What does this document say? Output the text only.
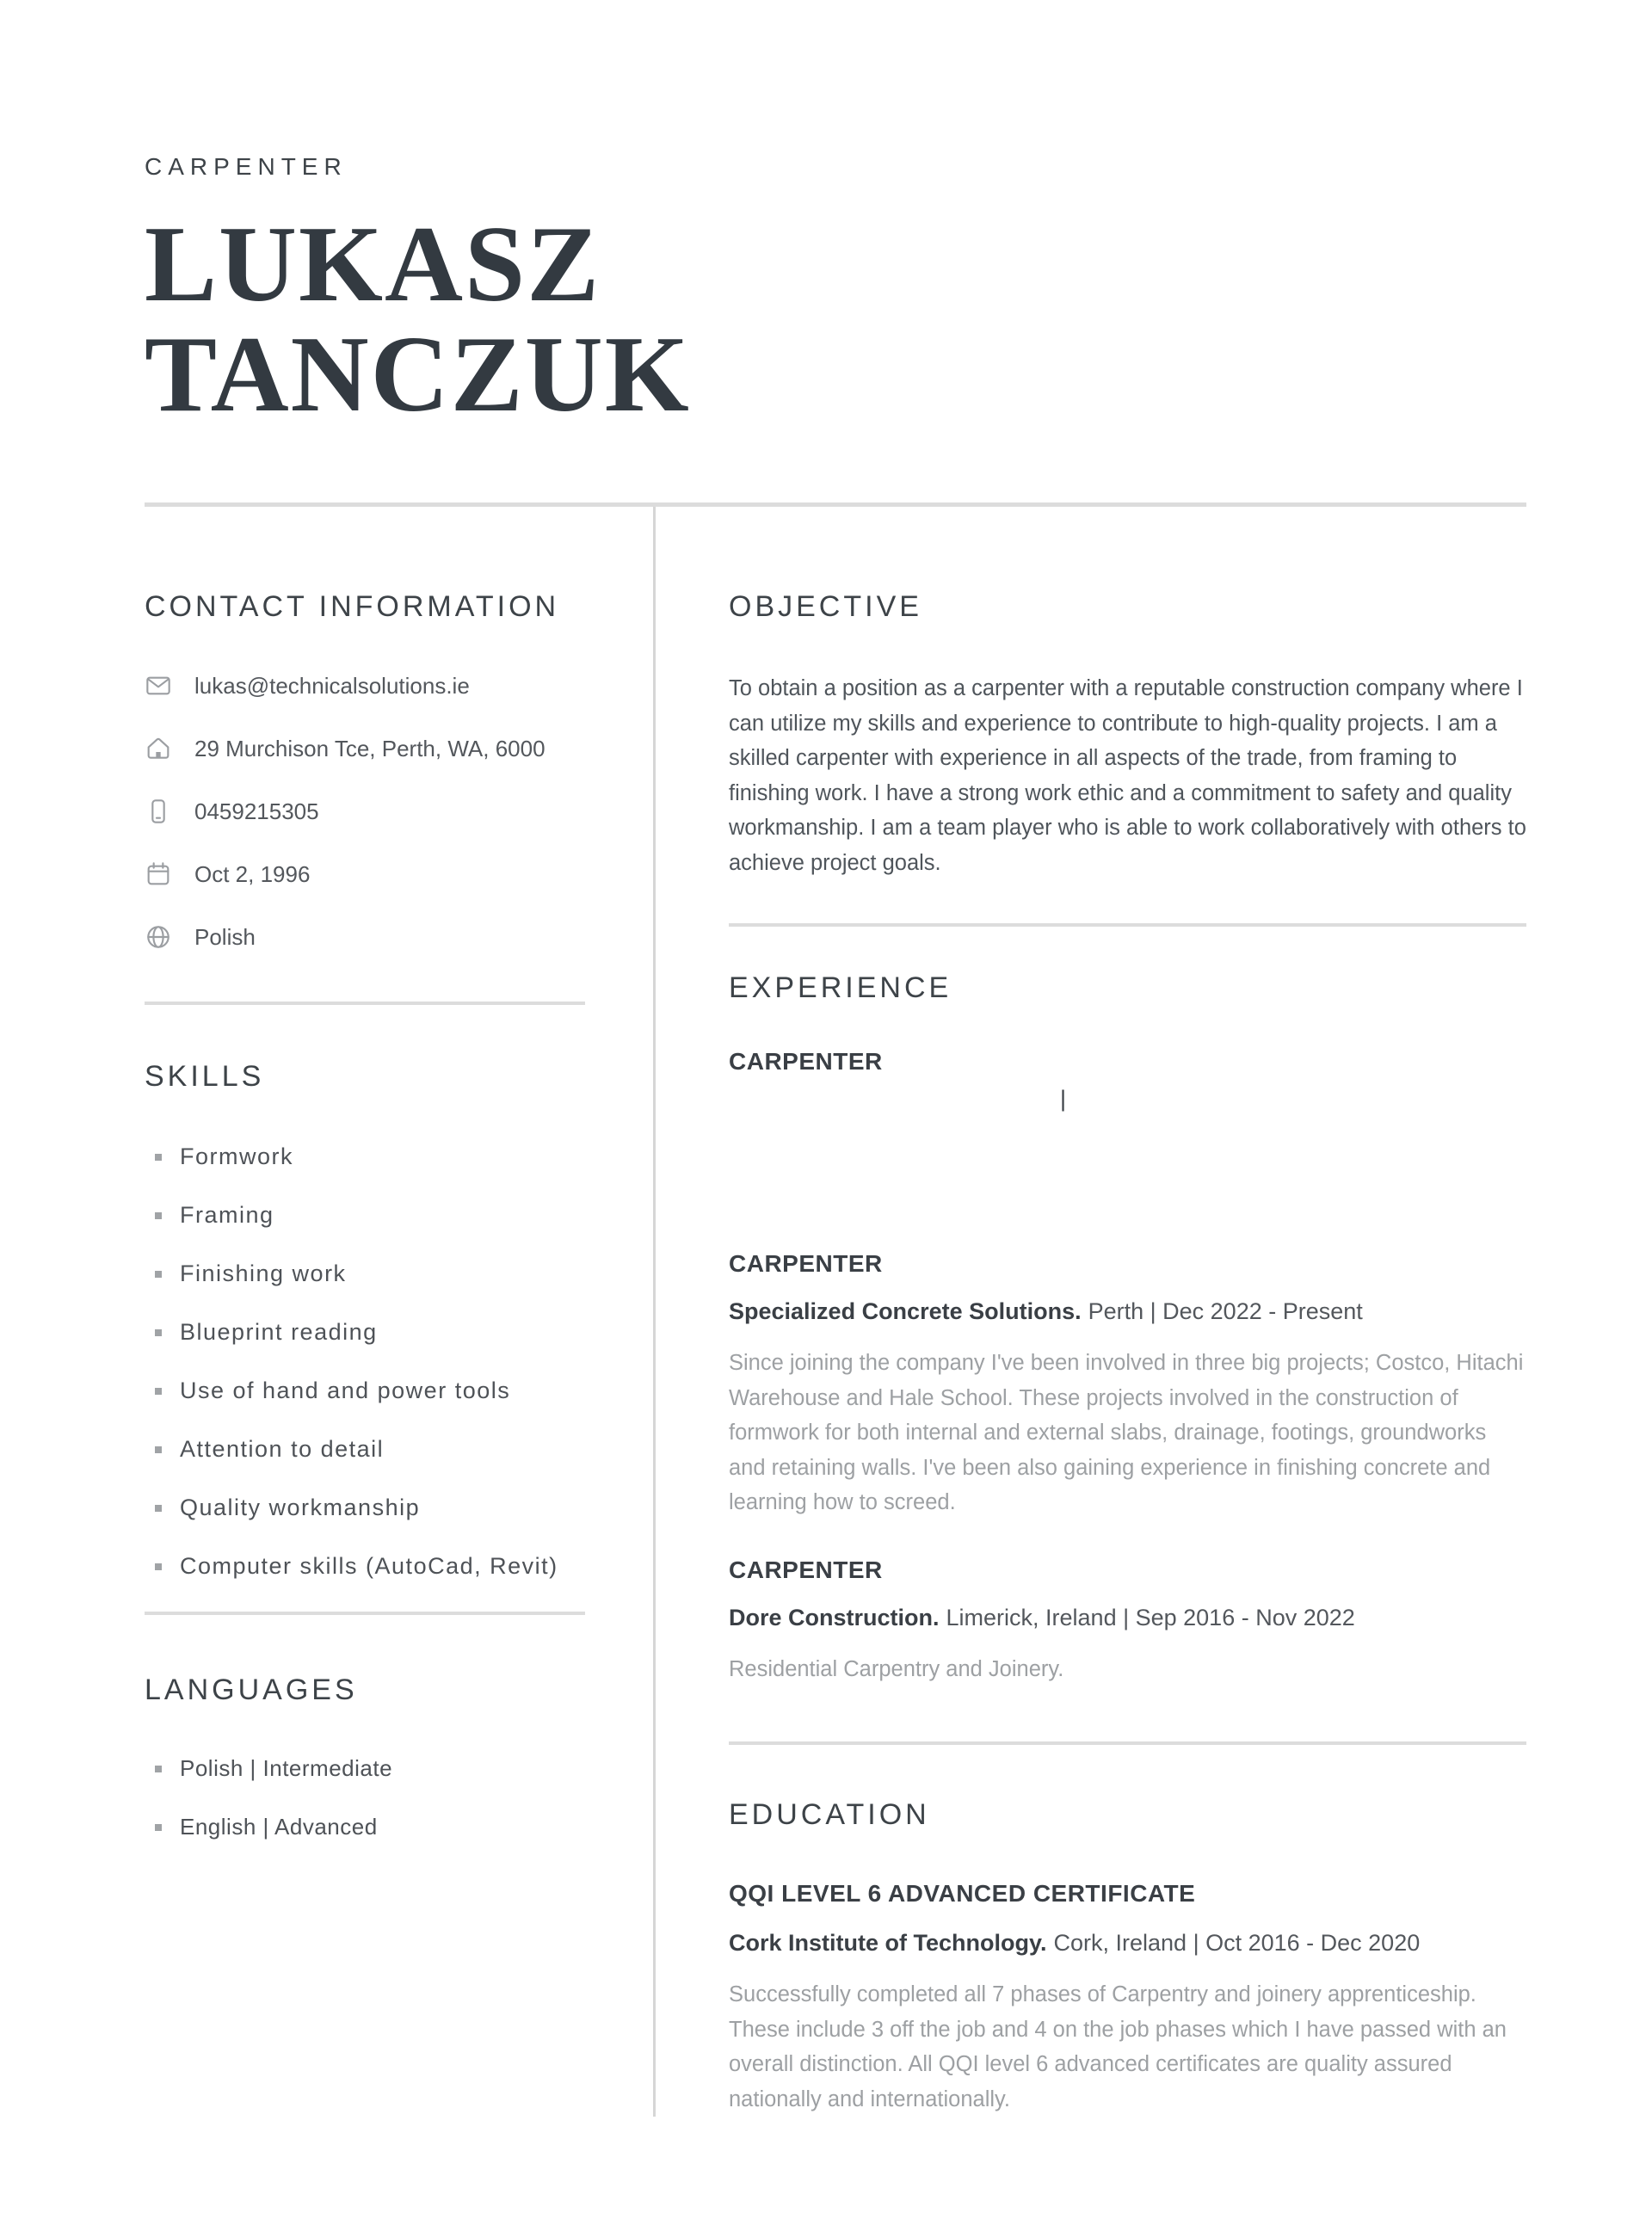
CARPENTER
LUKASZ
TANCZUK
CONTACT INFORMATION
lukas@technicalsolutions.ie
29 Murchison Tce, Perth, WA, 6000
0459215305
Oct 2, 1996
Polish
SKILLS
Formwork
Framing
Finishing work
Blueprint reading
Use of hand and power tools
Attention to detail
Quality workmanship
Computer skills (AutoCad, Revit)
LANGUAGES
Polish | Intermediate
English | Advanced
OBJECTIVE

To obtain a position as a carpenter with a reputable construction company where I can utilize my skills and experience to contribute to high-quality projects. I am a skilled carpenter with experience in all aspects of the trade, from framing to finishing work. I have a strong work ethic and a commitment to safety and quality workmanship. I am a team player who is able to work collaboratively with others to achieve project goals.

EXPERIENCE
CARPENTER
|
CARPENTER
Specialized Concrete Solutions. Perth | Dec 2022 - Present

Since joining the company I've been involved in three big projects; Costco, Hitachi Warehouse and Hale School. These projects involved in the construction of formwork for both internal and external slabs, drainage, footings, groundworks and retaining walls. I've been also gaining experience in finishing concrete and learning how to screed.

CARPENTER
Dore Construction. Limerick, Ireland | Sep 2016 - Nov 2022

Residential Carpentry and Joinery.

EDUCATION
QQI LEVEL 6 ADVANCED CERTIFICATE
Cork Institute of Technology. Cork, Ireland | Oct 2016 - Dec 2020

Successfully completed all 7 phases of Carpentry and joinery apprenticeship. These include 3 off the job and 4 on the job phases which I have passed with an overall distinction. All QQI level 6 advanced certificates are quality assured nationally and internationally.
